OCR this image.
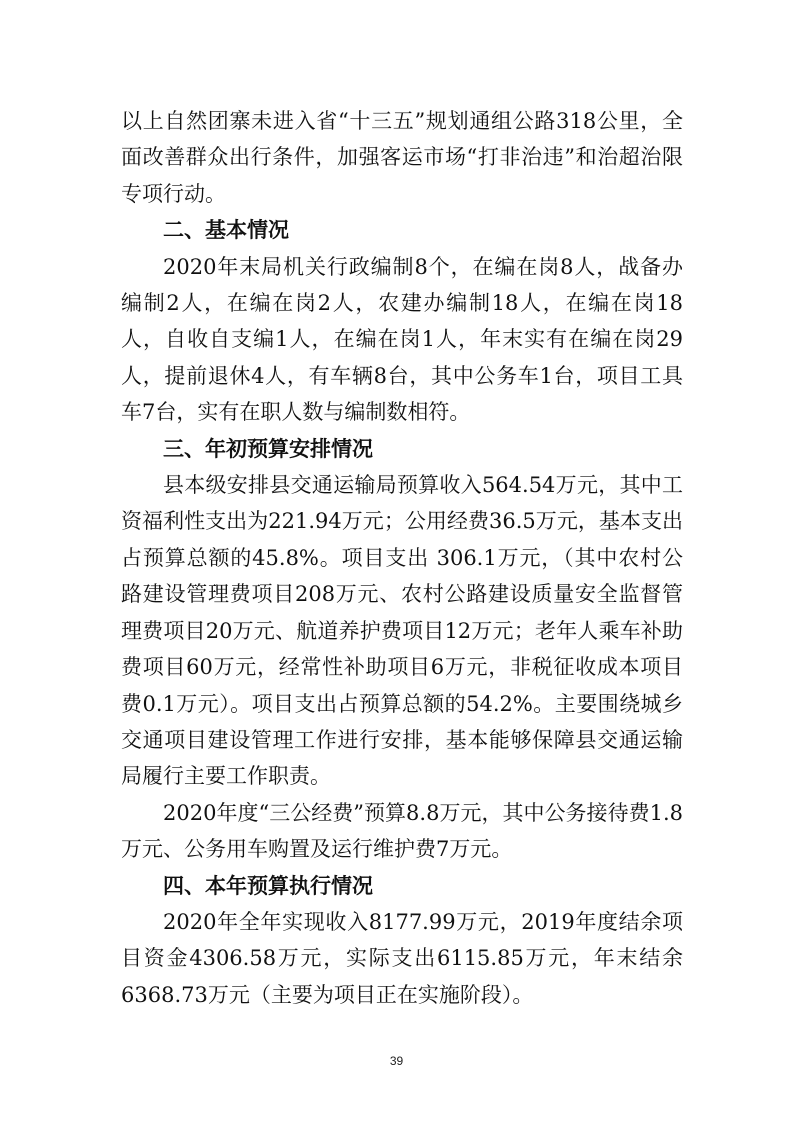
以上自然团寨未进入省“十三五”规划通组公路318公里，全面改善群众出行条件，加强客运市场“打非治违”和治超治限专项行动。

二、基本情况

2020年末局机关行政编制8个，在编在岗8人，战备办编制2人，在编在岗2人，农建办编制18人，在编在岗18人，自收自支编1人，在编在岗1人，年末实有在编在岗29人，提前退休4人，有车辆8台，其中公务车1台，项目工具车7台，实有在职人数与编制数相符。

三、年初预算安排情况

县本级安排县交通运输局预算收入564.54万元，其中工资福利性支出为221.94万元；公用经费36.5万元，基本支出占预算总额的45.8%。项目支出 306.1万元，（其中农村公路建设管理费项目208万元、农村公路建设质量安全监督管理费项目20万元、航道养护费项目12万元；老年人乘车补助费项目60万元，经常性补助项目6万元，非税征收成本项目费0.1万元）。项目支出占预算总额的54.2%。主要围绕城乡交通项目建设管理工作进行安排，基本能够保障县交通运输局履行主要工作职责。

2020年度“三公经费”预算8.8万元，其中公务接待费1.8万元、公务用车购置及运行维护费7万元。

四、本年预算执行情况

2020年全年实现收入8177.99万元，2019年度结余项目资金4306.58万元，实际支出6115.85万元，年末结余6368.73万元（主要为项目正在实施阶段）。

39
